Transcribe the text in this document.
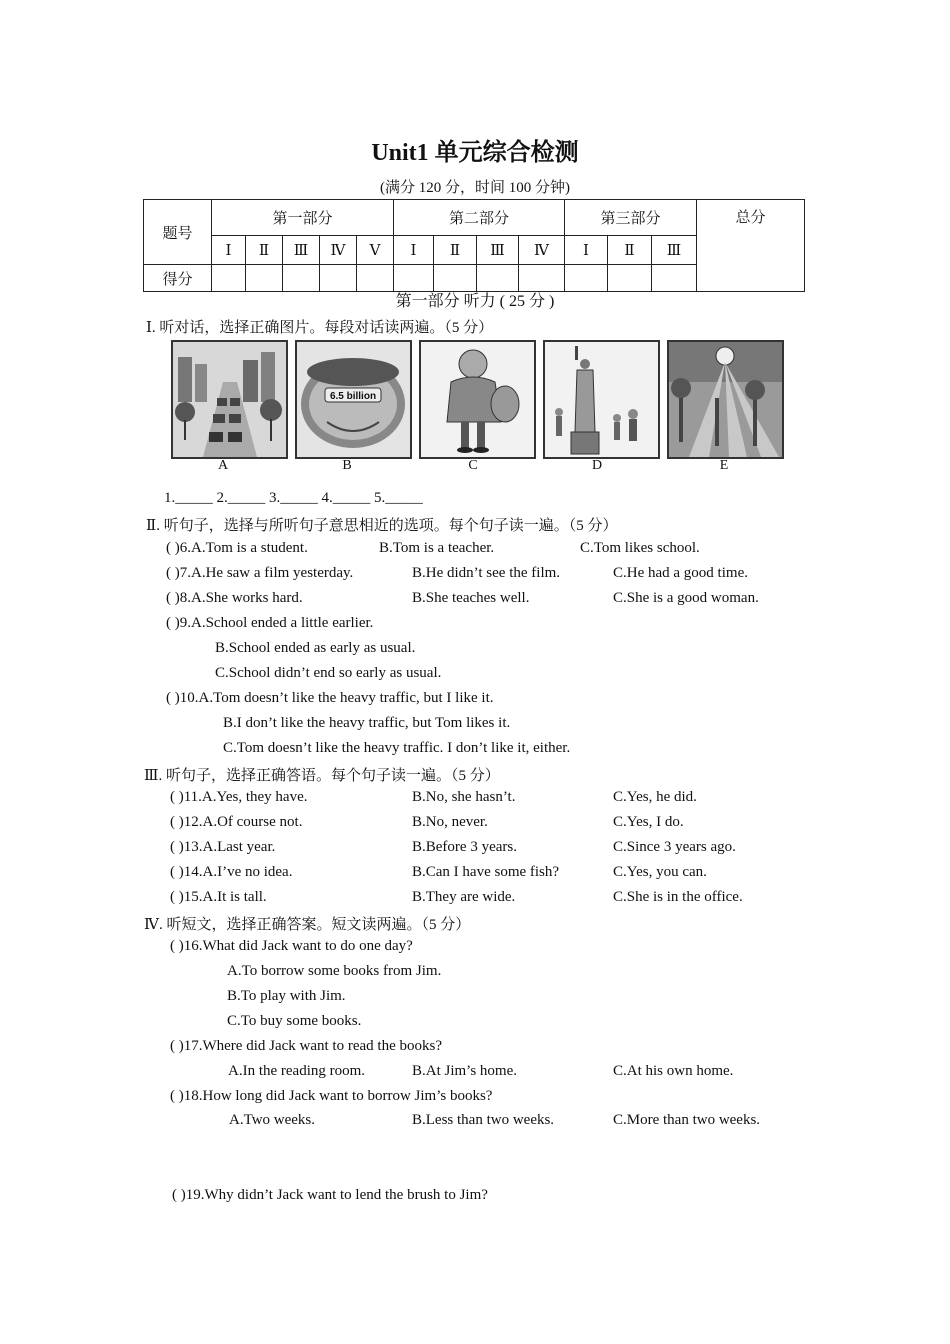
Unit1 单元综合检测
(满分 120 分，时间 100 分钟)
题号	第一部分					第二部分				第三部分			总分
	Ⅰ	Ⅱ	Ⅲ	Ⅳ	Ⅴ	Ⅰ	Ⅱ	Ⅲ	Ⅳ	Ⅰ	Ⅱ	Ⅲ	
得分													
第一部分 听力 ( 25 分 )
Ⅰ. 听对话，选择正确图片。每段对话读两遍。（5 分）
A
6.5 billion
B	C	D	E
1._____ 2._____ 3._____ 4._____ 5._____
Ⅱ. 听句子，选择与所听句子意思相近的选项。每个句子读一遍。（5 分）
( )6.A.Tom is a student.	B.Tom is a teacher.	C.Tom likes school.
( )7.A.He saw a film yesterday.	B.He didn’t see the film.	C.He had a good time.
( )8.A.She works hard.	B.She teaches well.	C.She is a good woman.
( )9.A.School ended a little earlier.
B.School ended as early as usual.
C.School didn’t end so early as usual.
( )10.A.Tom doesn’t like the heavy traffic, but I like it.
B.I don’t like the heavy traffic, but Tom likes it.
C.Tom doesn’t like the heavy traffic. I don’t like it, either.
Ⅲ. 听句子，选择正确答语。每个句子读一遍。（5 分）
( )11.A.Yes, they have.	B.No, she hasn’t.	C.Yes, he did.
( )12.A.Of course not.	B.No, never.	C.Yes, I do.
( )13.A.Last year.	B.Before 3 years.	C.Since 3 years ago.
( )14.A.I’ve no idea.	B.Can I have some fish?	C.Yes, you can.
( )15.A.It is tall.	B.They are wide.	C.She is in the office.
Ⅳ. 听短文，选择正确答案。短文读两遍。（5 分）
( )16.What did Jack want to do one day?
A.To borrow some books from Jim.
B.To play with Jim.
C.To buy some books.
( )17.Where did Jack want to read the books?
A.In the reading room.	B.At Jim’s home.	C.At his own home.
( )18.How long did Jack want to borrow Jim’s books?
A.Two weeks.	B.Less than two weeks.	C.More than two weeks.
( )19.Why didn’t Jack want to lend the brush to Jim?
